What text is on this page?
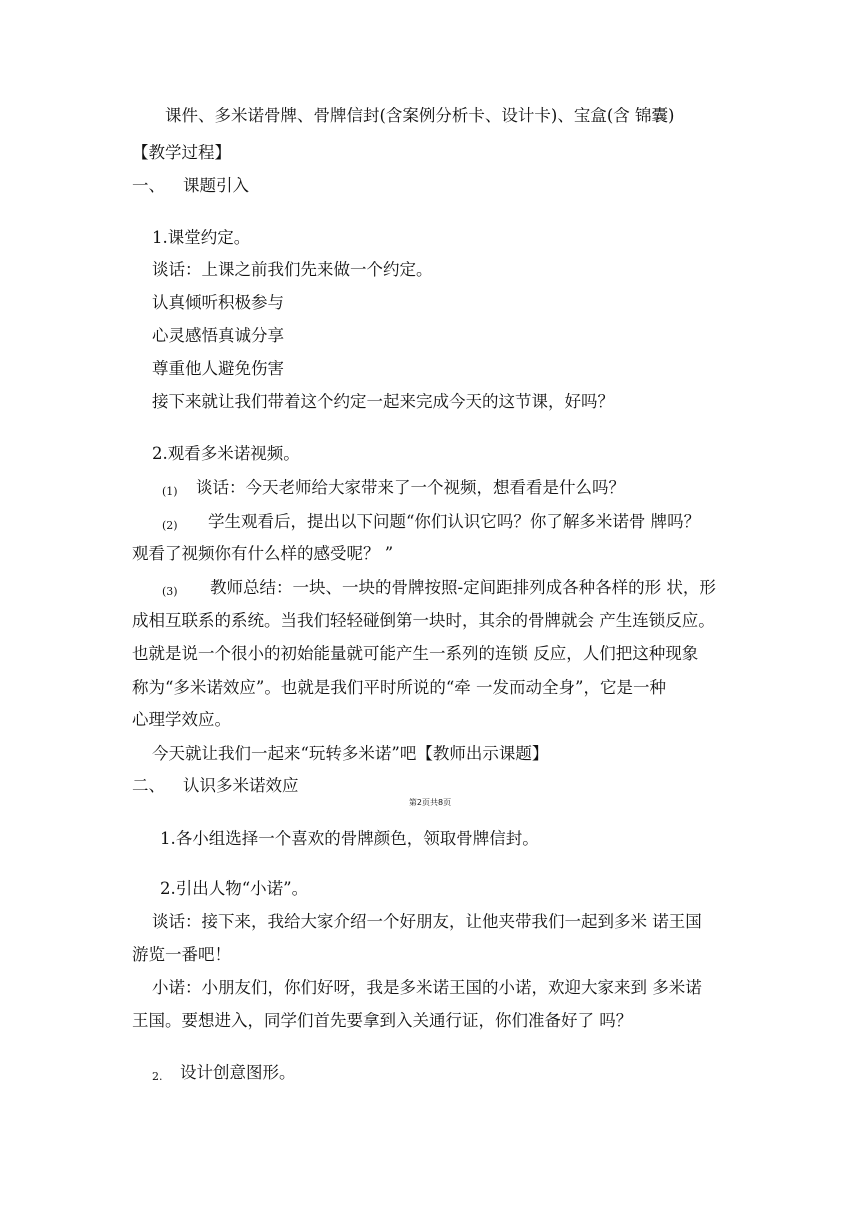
课件、多米诺骨牌、骨牌信封(含案例分析卡、设计卡)、宝盒(含 锦囊)
【教学过程】
一、 课题引入
1.课堂约定。
谈话：上课之前我们先来做一个约定。
认真倾听积极参与
心灵感悟真诚分享
尊重他人避免伤害
接下来就让我们带着这个约定一起来完成今天的这节课，好吗？
2.观看多米诺视频。
(1) 谈话：今天老师给大家带来了一个视频，想看看是什么吗？
(2) 学生观看后，提出以下问题“你们认识它吗？你了解多米诺骨 牌吗？
观看了视频你有什么样的感受呢？ ”
(3) 教师总结：一块、一块的骨牌按照-定间距排列成各种各样的形 状，形
成相互联系的系统。当我们轻轻碰倒第一块时，其余的骨牌就会 产生连锁反应。
也就是说一个很小的初始能量就可能产生一系列的连锁 反应，人们把这种现象
称为“多米诺效应”。也就是我们平时所说的“牵 一发而动全身”，它是一种
心理学效应。
今天就让我们一起来“玩转多米诺”吧【教师出示课题】
二、 认识多米诺效应
第2页共8页
1.各小组选择一个喜欢的骨牌颜色，领取骨牌信封。
2.引出人物“小诺”。
谈话：接下来，我给大家介绍一个好朋友，让他夹带我们一起到多米 诺王国
游览一番吧！
小诺：小朋友们，你们好呀，我是多米诺王国的小诺，欢迎大家来到 多米诺
王国。要想进入，同学们首先要拿到入关通行证，你们准备好了 吗？
2. 设计创意图形。
